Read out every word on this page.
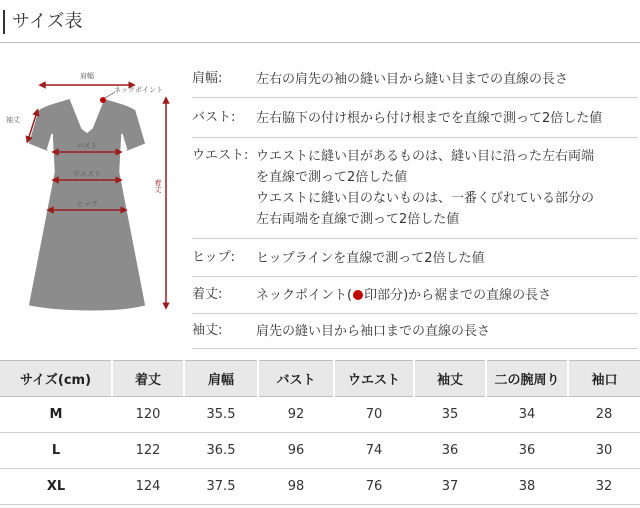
サイズ表
肩幅
ネックポイント
袖丈
バスト
ウエスト
ヒップ
着丈
肩幅:	左右の肩先の袖の縫い目から縫い目までの直線の長さ
バスト: 左右脇下の付け根から付け根までを直線で測って2倍した値
ウエスト: ウエストに縫い目があるものは、縫い目に沿った左右両端
を直線で測って2倍した値
ウエストに縫い目のないものは、一番くびれている部分の
左右両端を直線で測って2倍した値
ヒップ: ヒップラインを直線で測って2倍した値
着丈:	ネックポイント( 印部分)から裾までの直線の長さ
袖丈:	肩先の縫い目から袖口までの直線の長さ
サイズ(cm)	着丈	肩幅	バスト	ウエスト	袖丈	二の腕周り	袖口
M	120	35.5	92	70	35	34	28
L	122	36.5	96	74	36	36	30
XL	124	37.5	98	76	37	38	32
